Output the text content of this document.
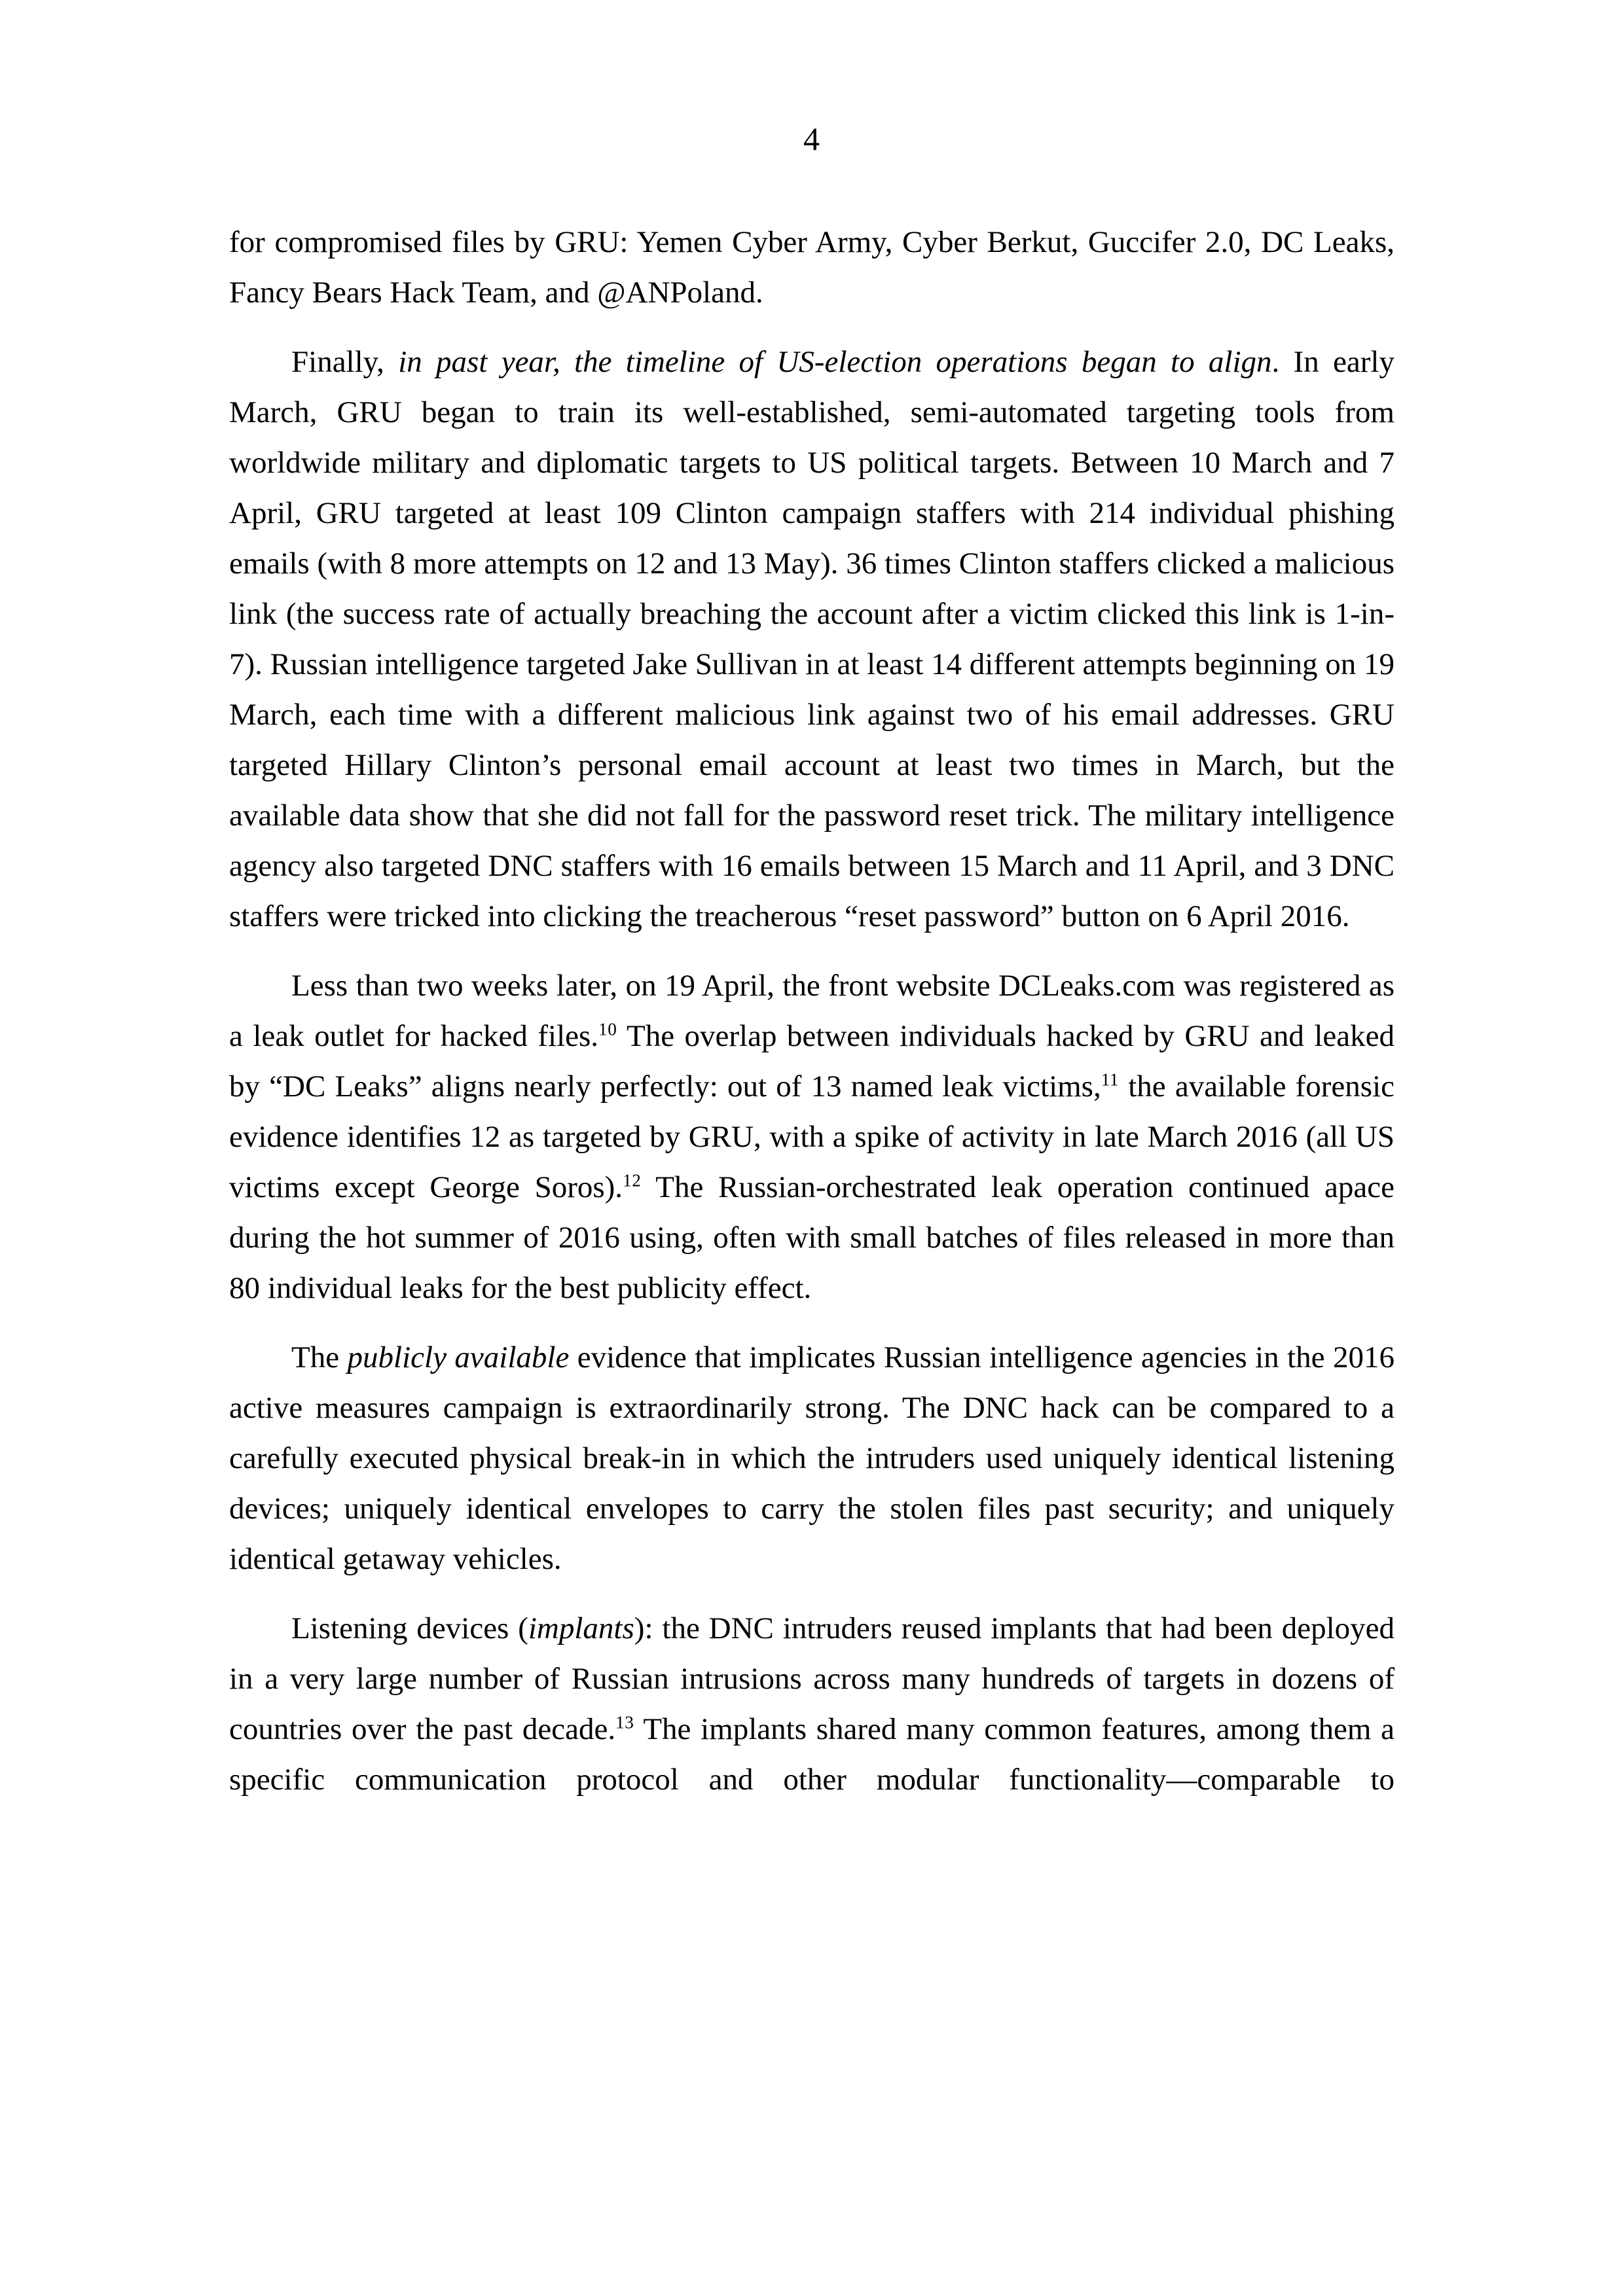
4

for compromised files by GRU: Yemen Cyber Army, Cyber Berkut, Guccifer 2.0, DC Leaks, Fancy Bears Hack Team, and @ANPoland.

Finally, in past year, the timeline of US-election operations began to align. In early March, GRU began to train its well-established, semi-automated targeting tools from worldwide military and diplomatic targets to US political targets. Between 10 March and 7 April, GRU targeted at least 109 Clinton campaign staffers with 214 individual phishing emails (with 8 more attempts on 12 and 13 May). 36 times Clinton staffers clicked a malicious link (the success rate of actually breaching the account after a victim clicked this link is 1-in-7). Russian intelligence targeted Jake Sullivan in at least 14 different attempts beginning on 19 March, each time with a different malicious link against two of his email addresses. GRU targeted Hillary Clinton’s personal email account at least two times in March, but the available data show that she did not fall for the password reset trick. The military intelligence agency also targeted DNC staffers with 16 emails between 15 March and 11 April, and 3 DNC staffers were tricked into clicking the treacherous “reset password” button on 6 April 2016.

Less than two weeks later, on 19 April, the front website DCLeaks.com was registered as a leak outlet for hacked files.$^{10}$ The overlap between individuals hacked by GRU and leaked by “DC Leaks” aligns nearly perfectly: out of 13 named leak victims,$^{11}$ the available forensic evidence identifies 12 as targeted by GRU, with a spike of activity in late March 2016 (all US victims except George Soros).$^{12}$ The Russian-orchestrated leak operation continued apace during the hot summer of 2016 using, often with small batches of files released in more than 80 individual leaks for the best publicity effect.

The publicly available evidence that implicates Russian intelligence agencies in the 2016 active measures campaign is extraordinarily strong. The DNC hack can be compared to a carefully executed physical break-in in which the intruders used uniquely identical listening devices; uniquely identical envelopes to carry the stolen files past security; and uniquely identical getaway vehicles.

Listening devices (implants): the DNC intruders reused implants that had been deployed in a very large number of Russian intrusions across many hundreds of targets in dozens of countries over the past decade.$^{13}$ The implants shared many common features, among them a specific communication protocol and other modular functionality—comparable to
